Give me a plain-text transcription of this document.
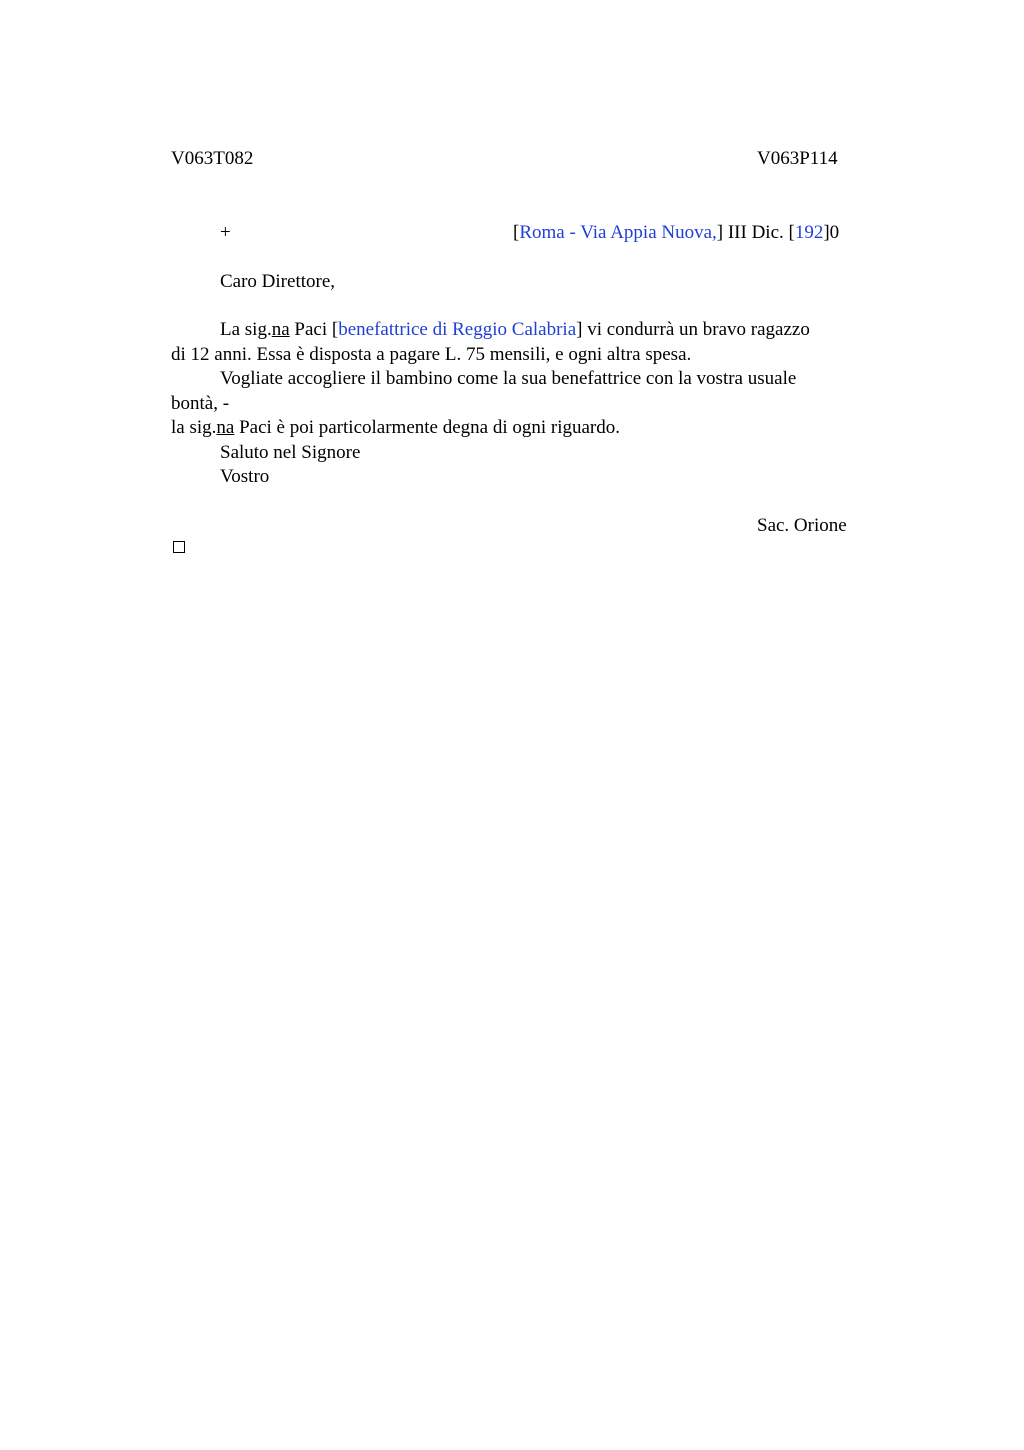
V063T082	V063P114
+	[Roma - Via Appia Nuova,] III Dic. [192]0
Caro Direttore,
La sig.na Paci [benefattrice di Reggio Calabria] vi condurrà un bravo ragazzo
di 12 anni. Essa è disposta a pagare L. 75 mensili, e ogni altra spesa.
Vogliate accogliere il bambino come la sua benefattrice con la vostra usuale
bontà, -
la sig.na Paci è poi particolarmente degna di ogni riguardo.
Saluto nel Signore
Vostro
Sac. Orione
